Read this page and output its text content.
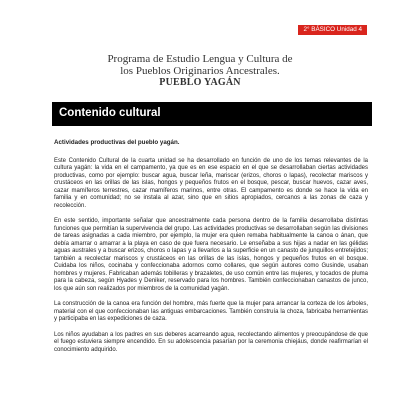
2° BÁSICO Unidad 4
Programa de Estudio Lengua y Cultura de
los Pueblos Originarios Ancestrales.
PUEBLO YAGÁN
Contenido cultural
Actividades productivas del pueblo yagán.

Este Contenido Cultural de la cuarta unidad se ha desarrollado en función de uno de los temas relevantes de la cultura yagán: la vida en el campamento, ya que es en ese espacio en el que se desarrollaban ciertas actividades productivas, como por ejemplo: buscar agua, buscar leña, mariscar (erizos, choros o lapas), recolectar mariscos y crustáceos en las orillas de las islas, hongos y pequeños frutos en el bosque, pescar, buscar huevos, cazar aves, cazar mamíferos terrestres, cazar mamíferos marinos, entre otras. El campamento es donde se hace la vida en familia y en comunidad; no se instala al azar, sino que en sitios apropiados, cercanos a las zonas de caza y recolección.

En este sentido, importante señalar que ancestralmente cada persona dentro de la familia desarrollaba distintas funciones que permitían la supervivencia del grupo. Las actividades productivas se desarrollaban según las divisiones de tareas asignadas a cada miembro, por ejemplo, la mujer era quien remaba habitualmente la canoa o ánan, que debía amarrar o amarrar a la playa en caso de que fuera necesario. Le enseñaba a sus hijas a nadar en las gélidas aguas australes y a buscar erizos, choros o lapas y a llevarlos a la superficie en un canasto de junquillos entretejidos; también a recolectar mariscos y crustáceos en las orillas de las islas, hongos y pequeños frutos en el bosque. Cuidaba los niños, cocinaba y confeccionaba adornos como collares, que según autores como Gusinde, usaban hombres y mujeres. Fabricaban además tobilleras y brazaletes, de uso común entre las mujeres, y tocados de pluma para la cabeza, según Hyades y Deniker, reservado para los hombres. También confeccionaban canastos de junco, los que aún son realizados por miembros de la comunidad yagán.

La construcción de la canoa era función del hombre, más fuerte que la mujer para arrancar la corteza de los árboles, material con el que confeccionaban las antiguas embarcaciones. También construía la choza, fabricaba herramientas y participaba en las expediciones de caza.

Los niños ayudaban a los padres en sus deberes acarreando agua, recolectando alimentos y preocupándose de que el fuego estuviera siempre encendido. En su adolescencia pasarían por la ceremonia chiejáus, donde reafirmarían el conocimiento adquirido.
